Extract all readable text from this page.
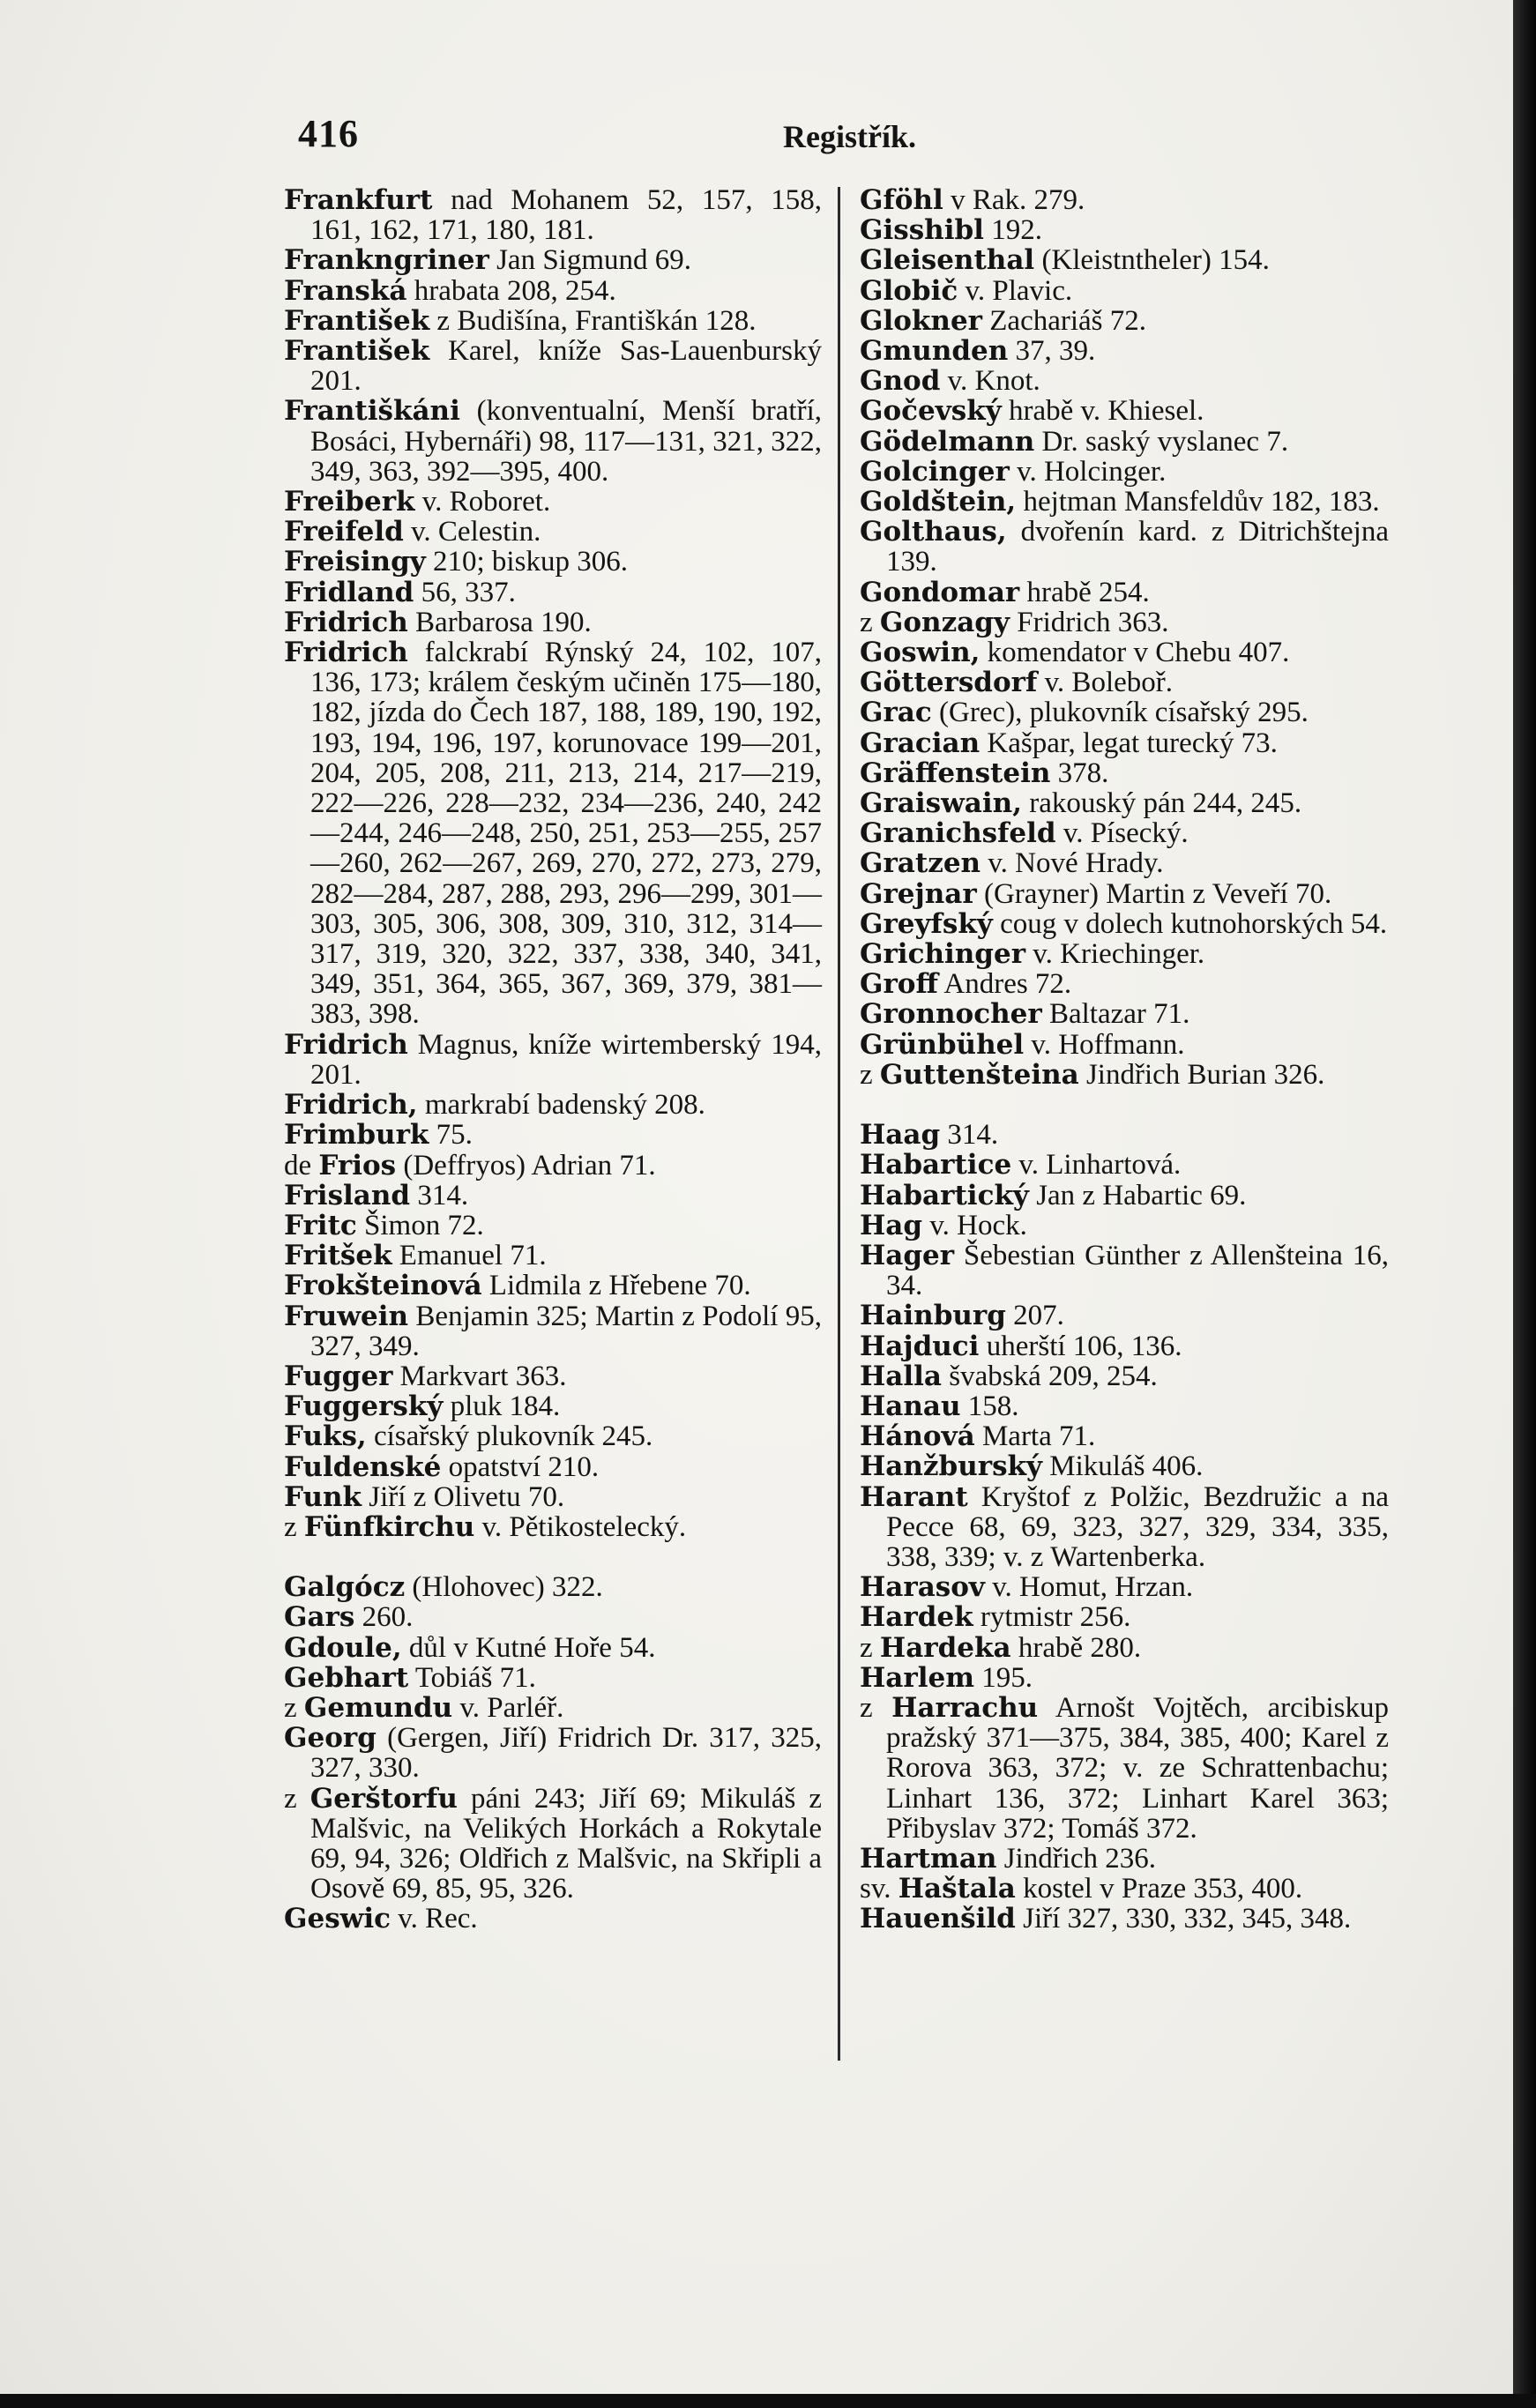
416	Registřík.
Frankfurt nad Mohanem 52, 157, 158, 161, 162, 171, 180, 181.
Frankngriner Jan Sigmund 69.
Franská hrabata 208, 254.
František z Budišína, Františkán 128.
František Karel, kníže Sas-Lauenburský 201.
Františkáni (konventualní, Menší bratří, Bosáci, Hybernáři) 98, 117—131, 321, 322, 349, 363, 392—395, 400.
Freiberk v. Roboret.
Freifeld v. Celestin.
Freisingy 210; biskup 306.
Fridland 56, 337.
Fridrich Barbarosa 190.
Fridrich falckrabí Rýnský 24, 102, 107, 136, 173; králem českým učiněn 175—180, 182, jízda do Čech 187, 188, 189, 190, 192, 193, 194, 196, 197, korunovace 199—201, 204, 205, 208, 211, 213, 214, 217—219, 222—226, 228—232, 234—236, 240, 242—244, 246—248, 250, 251, 253—255, 257—260, 262—267, 269, 270, 272, 273, 279, 282—284, 287, 288, 293, 296—299, 301—303, 305, 306, 308, 309, 310, 312, 314—317, 319, 320, 322, 337, 338, 340, 341, 349, 351, 364, 365, 367, 369, 379, 381—383, 398.
Fridrich Magnus, kníže wirtemberský 194, 201.
Fridrich, markrabí badenský 208.
Frimburk 75.
de Frios (Deffryos) Adrian 71.
Frisland 314.
Fritc Šimon 72.
Fritšek Emanuel 71.
Frokšteinová Lidmila z Hřebene 70.
Fruwein Benjamin 325; Martin z Podolí 95, 327, 349.
Fugger Markvart 363.
Fuggerský pluk 184.
Fuks, císařský plukovník 245.
Fuldenské opatství 210.
Funk Jiří z Olivetu 70.
z Fünfkirchu v. Pětikostelecký.
Galgócz (Hlohovec) 322.
Gars 260.
Gdoule, důl v Kutné Hoře 54.
Gebhart Tobiáš 71.
z Gemundu v. Parléř.
Georg (Gergen, Jiří) Fridrich Dr. 317, 325, 327, 330.
z Gerštorfu páni 243; Jiří 69; Mikuláš z Malšvic, na Velikých Horkách a Rokytale 69, 94, 326; Oldřich z Malšvic, na Skřipli a Osově 69, 85, 95, 326.
Geswic v. Rec.
Gföhl v Rak. 279.
Gisshibl 192.
Gleisenthal (Kleistntheler) 154.
Globič v. Plavic.
Glokner Zachariáš 72.
Gmunden 37, 39.
Gnod v. Knot.
Gočevský hrabě v. Khiesel.
Gödelmann Dr. saský vyslanec 7.
Golcinger v. Holcinger.
Goldštein, hejtman Mansfeldův 182, 183.
Golthaus, dvořenín kard. z Ditrichštejna 139.
Gondomar hrabě 254.
z Gonzagy Fridrich 363.
Goswin, komendator v Chebu 407.
Göttersdorf v. Boleboř.
Grac (Grec), plukovník císařský 295.
Gracian Kašpar, legat turecký 73.
Gräffenstein 378.
Graiswain, rakouský pán 244, 245.
Granichsfeld v. Písecký.
Gratzen v. Nové Hrady.
Grejnar (Grayner) Martin z Veveří 70.
Greyfský coug v dolech kutnohorských 54.
Grichinger v. Kriechinger.
Groff Andres 72.
Gronnocher Baltazar 71.
Grünbühel v. Hoffmann.
z Guttenšteina Jindřich Burian 326.
Haag 314.
Habartice v. Linhartová.
Habartický Jan z Habartic 69.
Hag v. Hock.
Hager Šebestian Günther z Allenšteina 16, 34.
Hainburg 207.
Hajduci uherští 106, 136.
Halla švabská 209, 254.
Hanau 158.
Hánová Marta 71.
Hanžburský Mikuláš 406.
Harant Kryštof z Polžic, Bezdružic a na Pecce 68, 69, 323, 327, 329, 334, 335, 338, 339; v. z Wartenberka.
Harasov v. Homut, Hrzan.
Hardek rytmistr 256.
z Hardeka hrabě 280.
Harlem 195.
z Harrachu Arnošt Vojtěch, arcibiskup pražský 371—375, 384, 385, 400; Karel z Rorova 363, 372; v. ze Schrattenbachu; Linhart 136, 372; Linhart Karel 363; Přibyslav 372; Tomáš 372.
Hartman Jindřich 236.
sv. Haštala kostel v Praze 353, 400.
Hauenšild Jiří 327, 330, 332, 345, 348.
